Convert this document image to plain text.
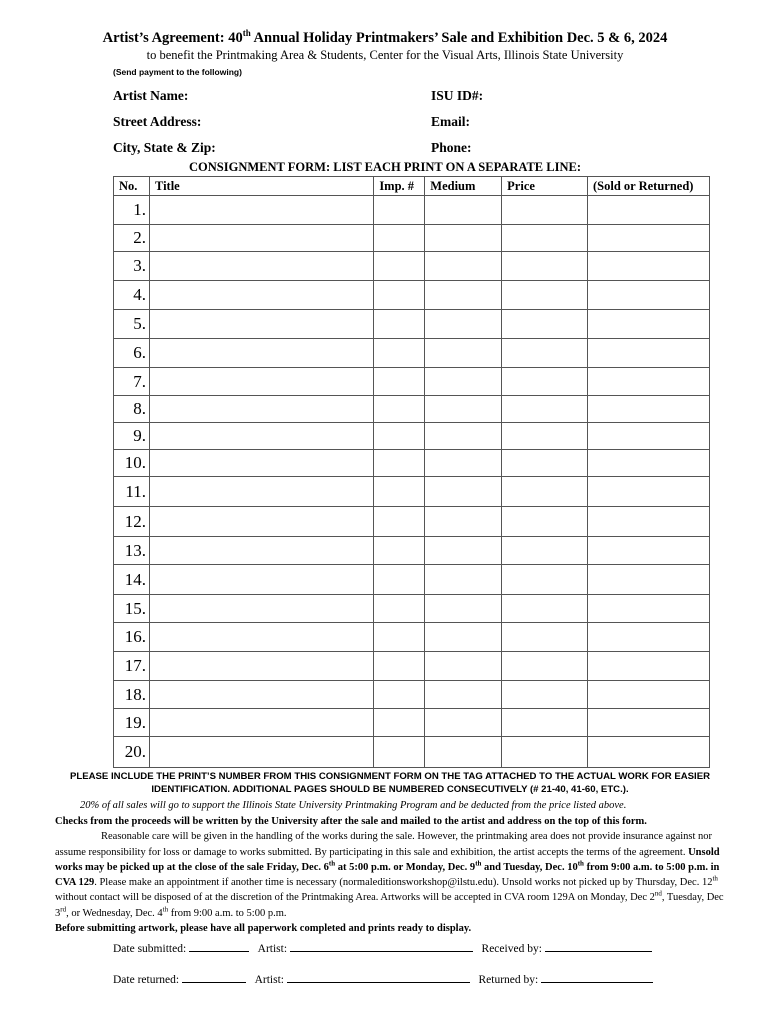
Artist’s Agreement: 40th Annual Holiday Printmakers’ Sale and Exhibition Dec. 5 & 6, 2024
to benefit the Printmaking Area & Students, Center for the Visual Arts, Illinois State University
(Send payment to the following)
Artist Name:	ISU ID#:
Street Address:	Email:
City, State & Zip:	Phone:
CONSIGNMENT FORM: LIST EACH PRINT ON A SEPARATE LINE:
No.	Title	Imp. #	Medium	Price	(Sold or Returned)
1.					
2.					
3.					
4.					
5.					
6.					
7.					
8.					
9.					
10.					
11.					
12.					
13.					
14.					
15.					
16.					
17.					
18.					
19.					
20.					
PLEASE INCLUDE THE PRINT’S NUMBER FROM THIS CONSIGNMENT FORM ON THE TAG ATTACHED TO THE ACTUAL WORK FOR EASIER
IDENTIFICATION. ADDITIONAL PAGES SHOULD BE NUMBERED CONSECUTIVELY (# 21-40, 41-60, ETC.).
20% of all sales will go to support the Illinois State University Printmaking Program and be deducted from the price listed above.
Checks from the proceeds will be written by the University after the sale and mailed to the artist and address on the top of this form.
Reasonable care will be given in the handling of the works during the sale. However, the printmaking area does not provide insurance against nor assume responsibility for loss or damage to works submitted. By participating in this sale and exhibition, the artist accepts the terms of the agreement. Unsold works may be picked up at the close of the sale Friday, Dec. 6th at 5:00 p.m. or Monday, Dec. 9th and Tuesday, Dec. 10th from 9:00 a.m. to 5:00 p.m. in CVA 129. Please make an appointment if another time is necessary (normaleditionsworkshop@ilstu.edu). Unsold works not picked up by Thursday, Dec. 12th without contact will be disposed of at the discretion of the Printmaking Area. Artworks will be accepted in CVA room 129A on Monday, Dec 2nd, Tuesday, Dec 3rd, or Wednesday, Dec. 4th from 9:00 a.m. to 5:00 p.m.
Before submitting artwork, please have all paperwork completed and prints ready to display.
Date submitted:	Artist:	Received by:
Date returned:	Artist:	Returned by:
